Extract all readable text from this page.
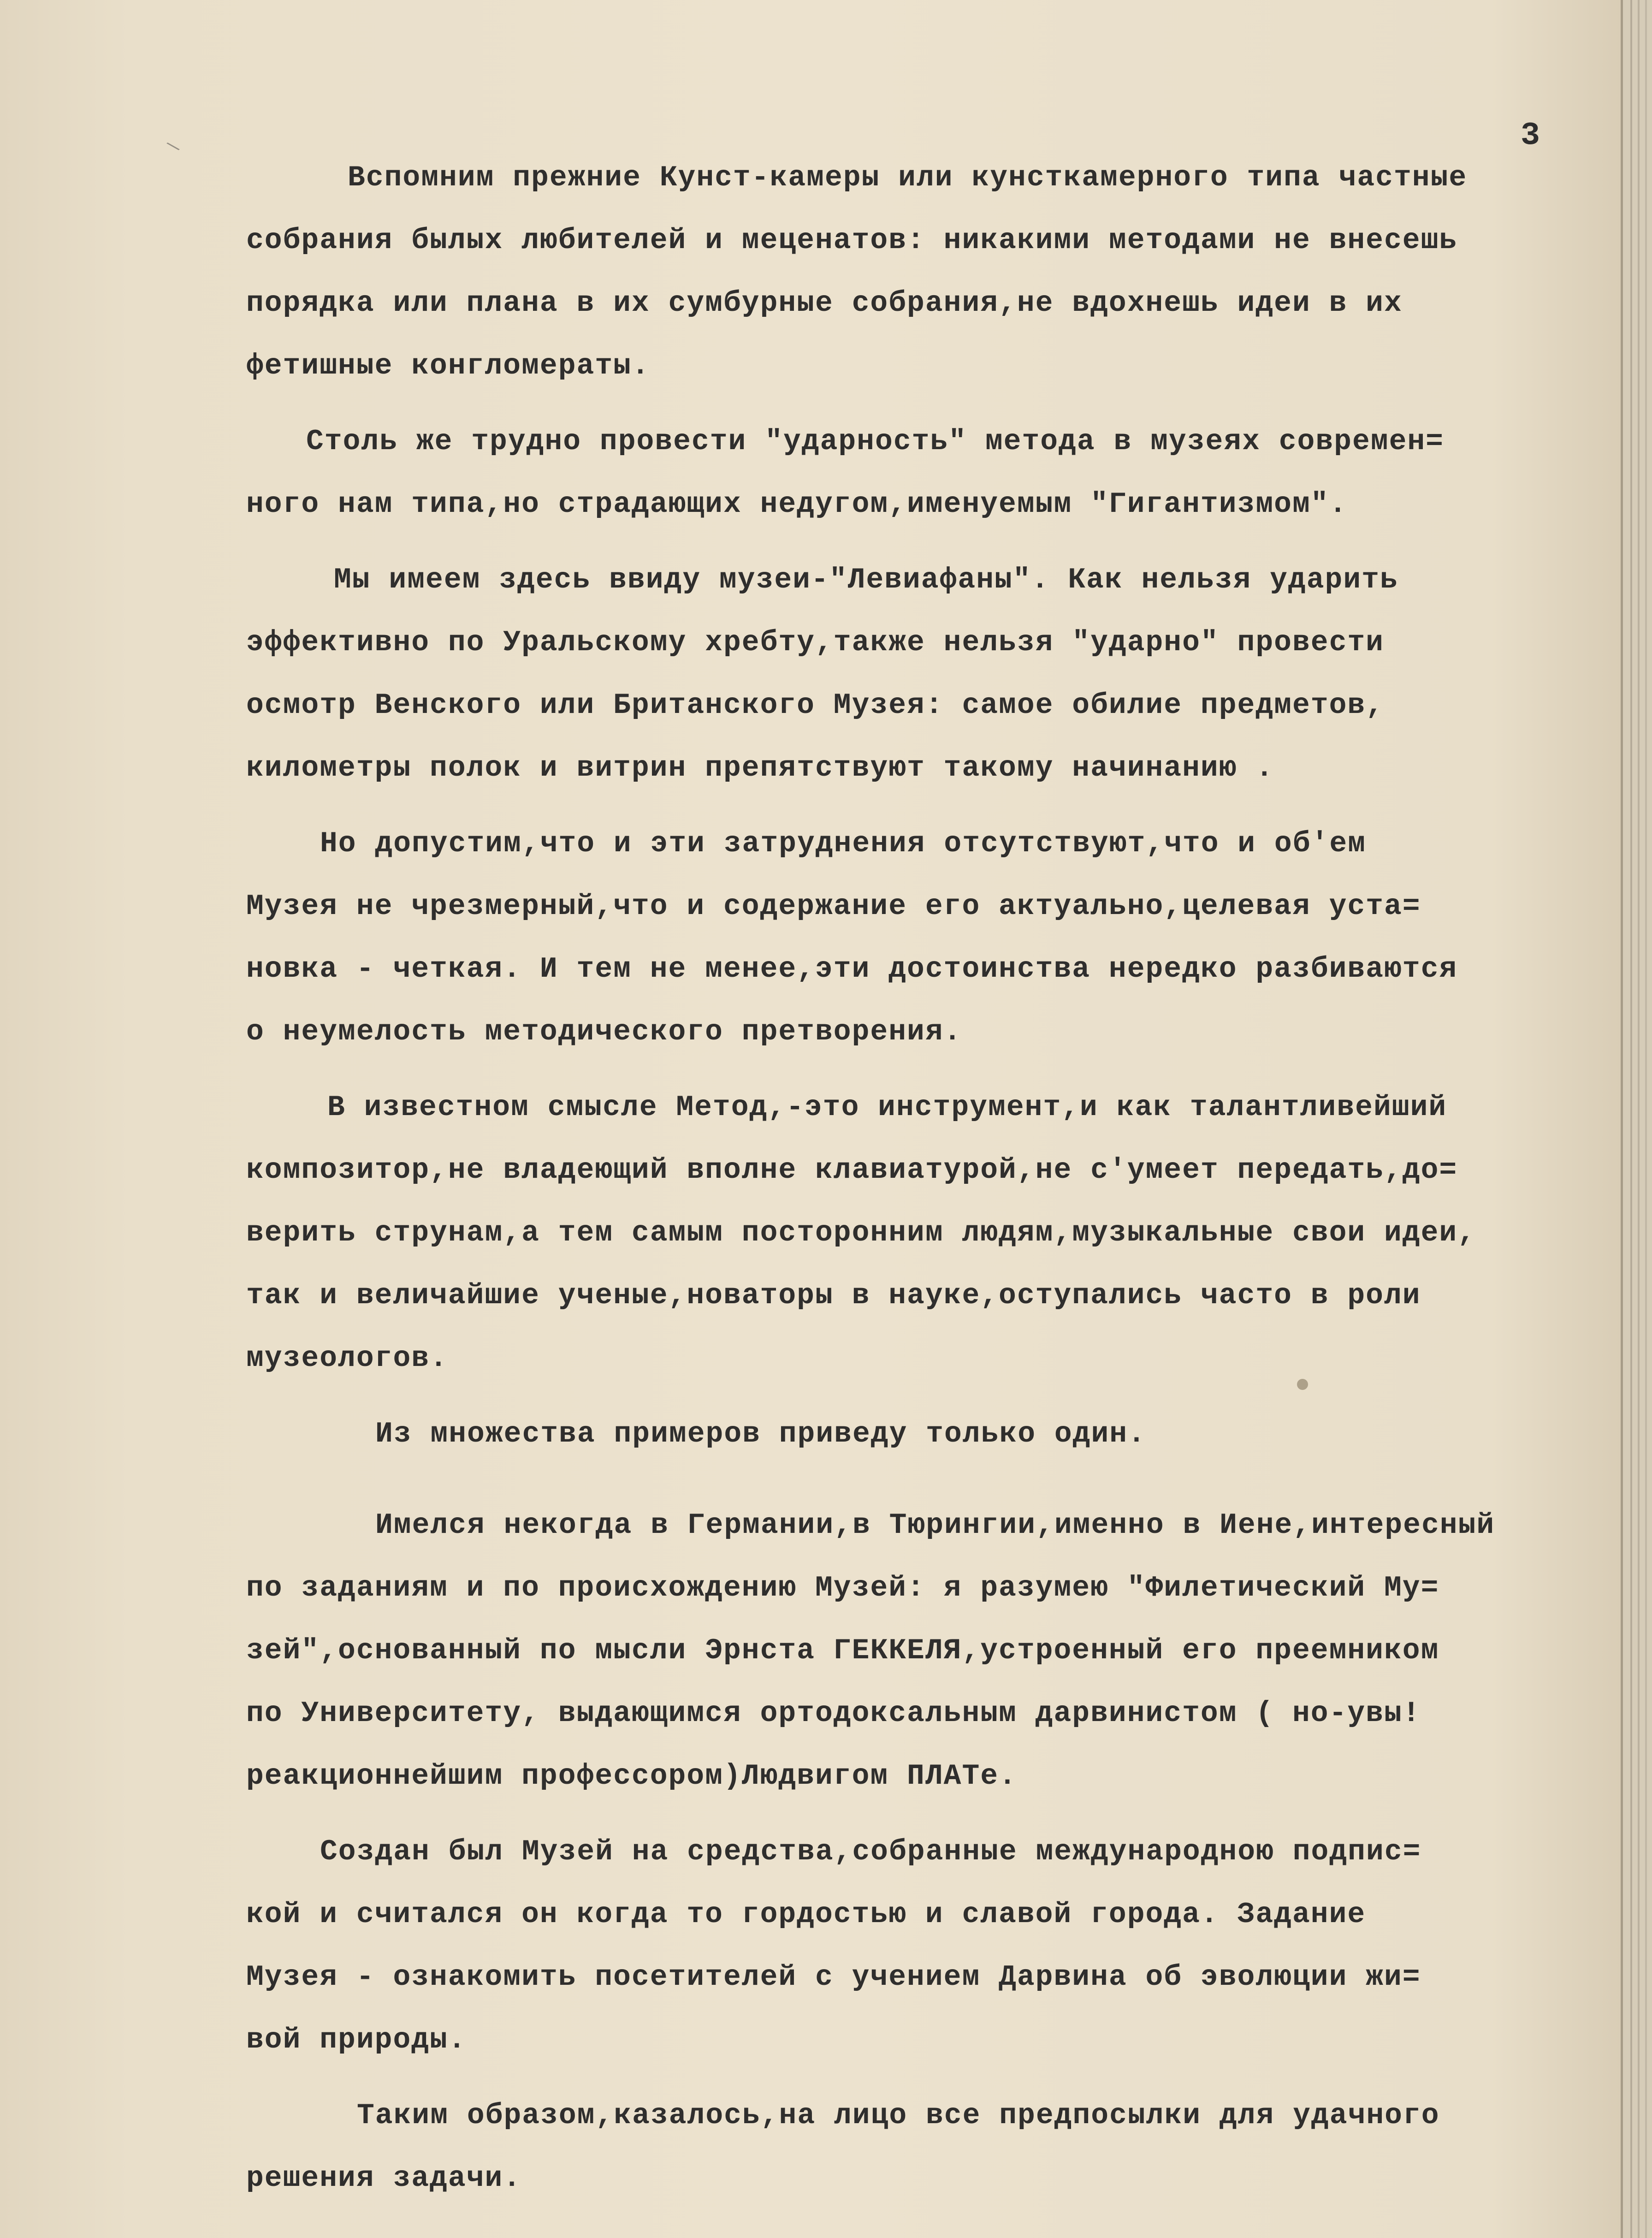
\	3
Вспомним прежние Кунст-камеры или кунсткамерного типа частные
собрания былых любителей и меценатов: никакими методами не внесешь
порядка или плана в их сумбурные собрания,не вдохнешь идеи в их
фетишные конгломераты.
Столь же трудно провести "ударность" метода в музеях современ=
ного нам типа,но страдающих недугом,именуемым "Гигантизмом".
Мы имеем здесь ввиду музеи-"Левиафаны". Как нельзя ударить
эффективно по Уральскому хребту,также нельзя "ударно" провести
осмотр Венского или Британского Музея: самое обилие предметов,
километры полок и витрин препятствуют такому начинанию .
Но допустим,что и эти затруднения отсутствуют,что и об'ем
Музея не чрезмерный,что и содержание его актуально,целевая уста=
новка - четкая. И тем не менее,эти достоинства нередко разбиваются
о неумелость методического претворения.
В известном смысле Метод,-это инструмент,и как талантливейший
композитор,не владеющий вполне клавиатурой,не с'умеет передать,до=
верить струнам,а тем самым посторонним людям,музыкальные свои идеи,
так и величайшие ученые,новаторы в науке,оступались часто в роли
музеологов.
Из множества примеров приведу только один.
Имелся некогда в Германии,в Тюрингии,именно в Иене,интересный
по заданиям и по происхождению Музей: я разумею "Филетический Му=
зей",основанный по мысли Эрнста ГЕККЕЛЯ,устроенный его преемником
по Университету, выдающимся ортодоксальным дарвинистом ( но-увы!
реакционнейшим профессором)Людвигом ПЛАТе.
Создан был Музей на средства,собранные международною подпис=
кой и считался он когда то гордостью и славой города. Задание
Музея - ознакомить посетителей с учением Дарвина об эволюции жи=
вой природы.
Таким образом,казалось,на лицо все предпосылки для удачного
решения задачи.
